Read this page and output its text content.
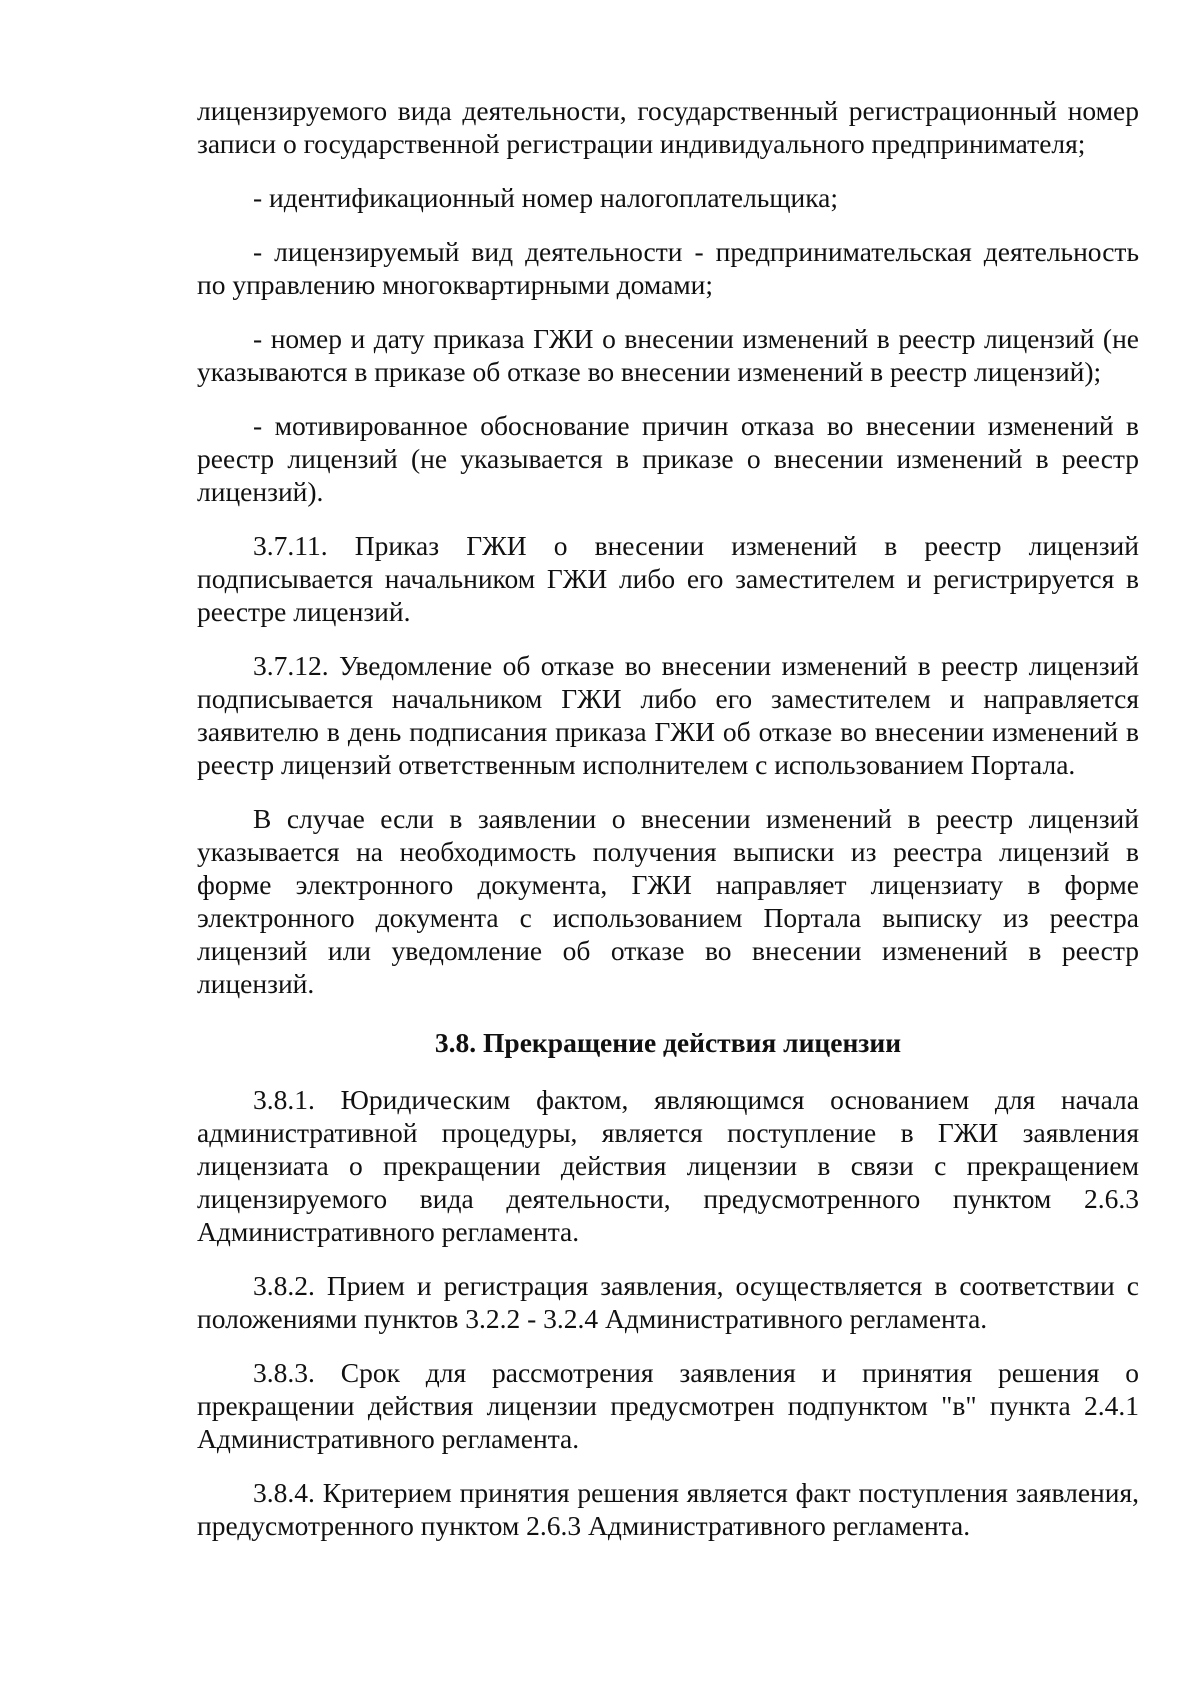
лицензируемого вида деятельности, государственный регистрационный номер записи о государственной регистрации индивидуального предпринимателя;

- идентификационный номер налогоплательщика;

- лицензируемый вид деятельности - предпринимательская деятельность по управлению многоквартирными домами;

- номер и дату приказа ГЖИ о внесении изменений в реестр лицензий (не указываются в приказе об отказе во внесении изменений в реестр лицензий);

- мотивированное обоснование причин отказа во внесении изменений в реестр лицензий (не указывается в приказе о внесении изменений в реестр лицензий).

3.7.11. Приказ ГЖИ о внесении изменений в реестр лицензий подписывается начальником ГЖИ либо его заместителем и регистрируется в реестре лицензий.

3.7.12. Уведомление об отказе во внесении изменений в реестр лицензий подписывается начальником ГЖИ либо его заместителем и направляется заявителю в день подписания приказа ГЖИ об отказе во внесении изменений в реестр лицензий ответственным исполнителем с использованием Портала.

В случае если в заявлении о внесении изменений в реестр лицензий указывается на необходимость получения выписки из реестра лицензий в форме электронного документа, ГЖИ направляет лицензиату в форме электронного документа с использованием Портала выписку из реестра лицензий или уведомление об отказе во внесении изменений в реестр лицензий.

3.8. Прекращение действия лицензии

3.8.1. Юридическим фактом, являющимся основанием для начала административной процедуры, является поступление в ГЖИ заявления лицензиата о прекращении действия лицензии в связи с прекращением лицензируемого вида деятельности, предусмотренного пунктом 2.6.3 Административного регламента.

3.8.2. Прием и регистрация заявления, осуществляется в соответствии с положениями пунктов 3.2.2 - 3.2.4 Административного регламента.

3.8.3. Срок для рассмотрения заявления и принятия решения о прекращении действия лицензии предусмотрен подпунктом "в" пункта 2.4.1 Административного регламента.

3.8.4. Критерием принятия решения является факт поступления заявления, предусмотренного пунктом 2.6.3 Административного регламента.
